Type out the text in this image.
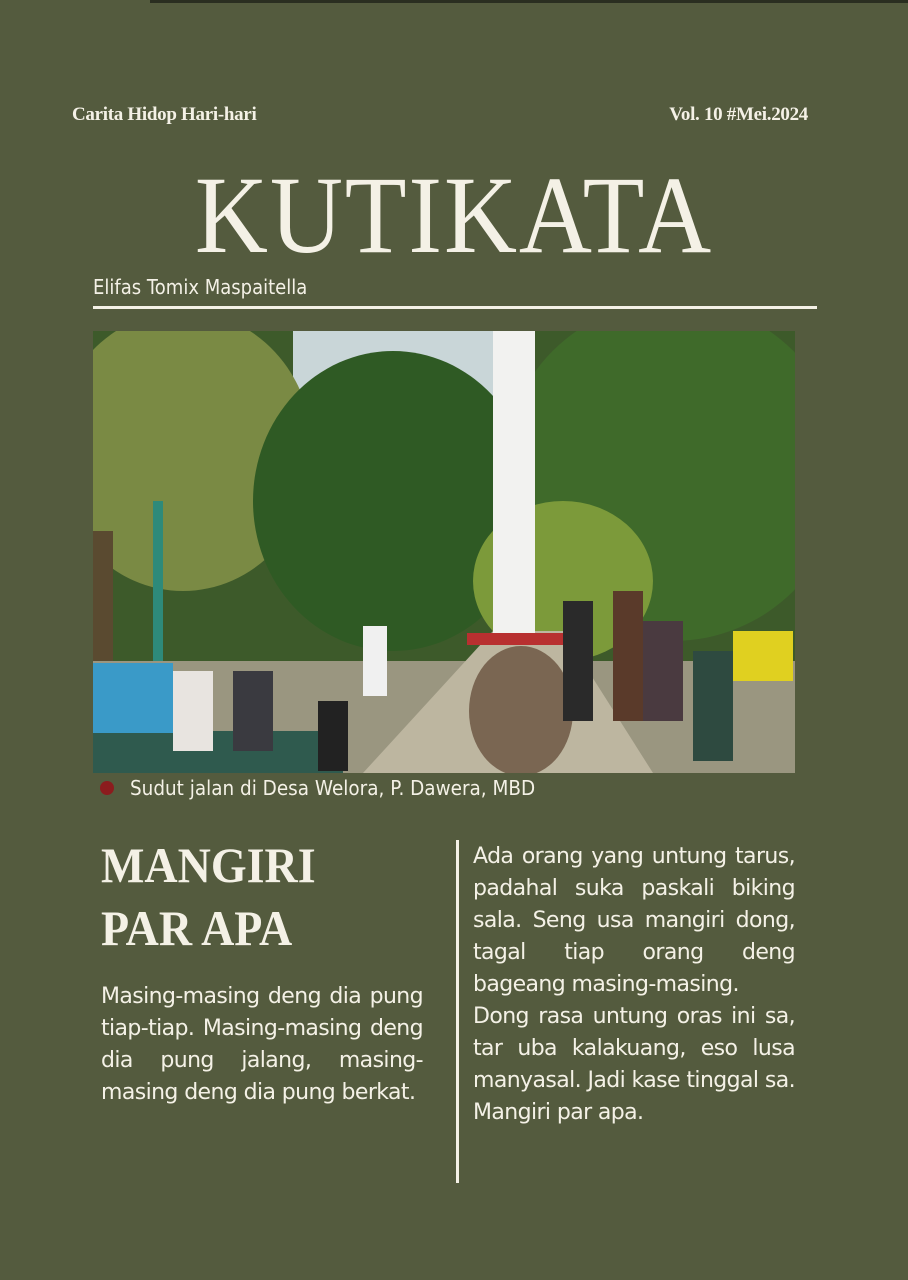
Carita Hidop Hari-hari	Vol. 10 #Mei.2024
KUTIKATA
Elifas Tomix Maspaitella
Sudut jalan di Desa Welora, P. Dawera, MBD
MANGIRI
PAR APA
Masing-masing deng dia pung tiap-tiap. Masing-masing deng dia pung jalang, masing-masing deng dia pung berkat.
Ada orang yang untung tarus, padahal suka paskali biking sala. Seng usa mangiri dong, tagal tiap orang deng bageang masing-masing.
Dong rasa untung oras ini sa, tar uba kalakuang, eso lusa manyasal. Jadi kase tinggal sa. Mangiri par apa.
